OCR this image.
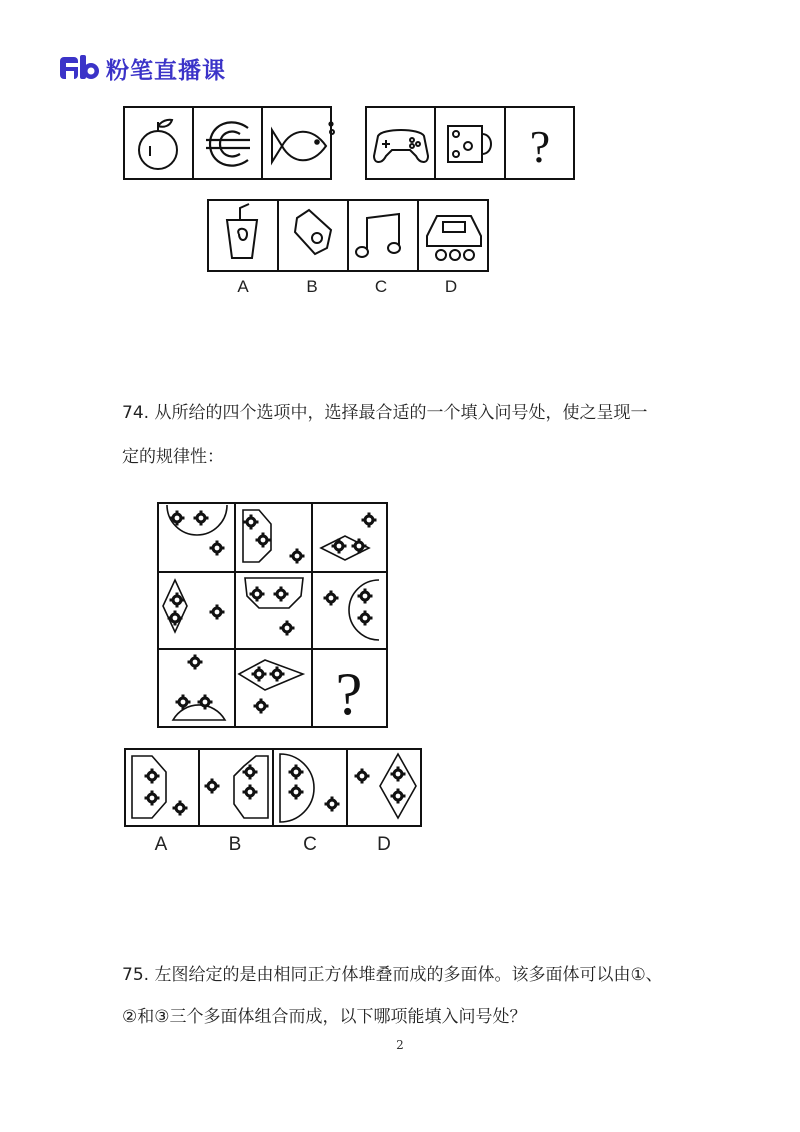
粉笔直播课
?
A	B	C	D
74. 从所给的四个选项中，选择最合适的一个填入问号处，使之呈现一
定的规律性：
?
A	B	C	D
75. 左图给定的是由相同正方体堆叠而成的多面体。该多面体可以由①、
②和③三个多面体组合而成，以下哪项能填入问号处？
2
